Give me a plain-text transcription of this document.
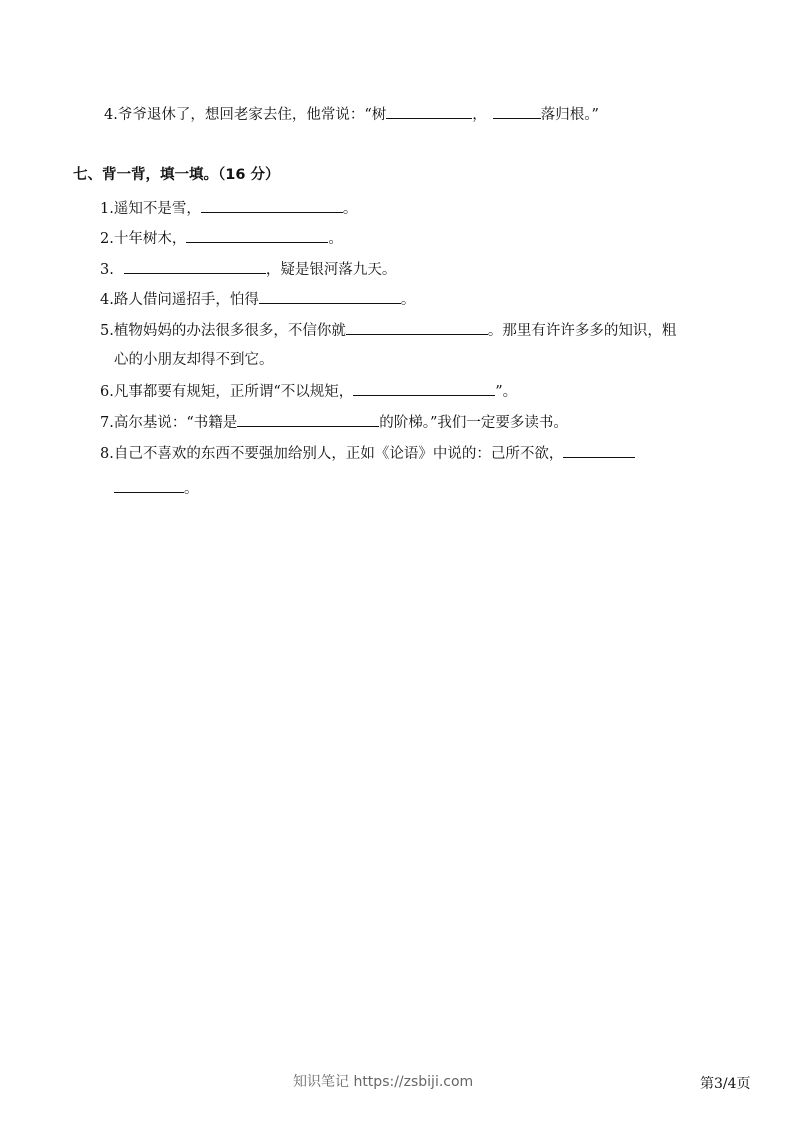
4.爷爷退休了，想回老家去住，他常说：“树	，	落归根。”
七、背一背，填一填。（16 分）
1.遥知不是雪，	。
2.十年树木，	。
3.	，疑是银河落九天。
4.路人借问遥招手，怕得	。
5.植物妈妈的办法很多很多，不信你就	。那里有许许多多的知识，粗
心的小朋友却得不到它。
6.凡事都要有规矩，正所谓“不以规矩，	”。
7.高尔基说：“书籍是	的阶梯。”我们一定要多读书。
8.自己不喜欢的东西不要强加给别人，正如《论语》中说的：己所不欲，
。
知识笔记 https://zsbiji.com	第3/4页
